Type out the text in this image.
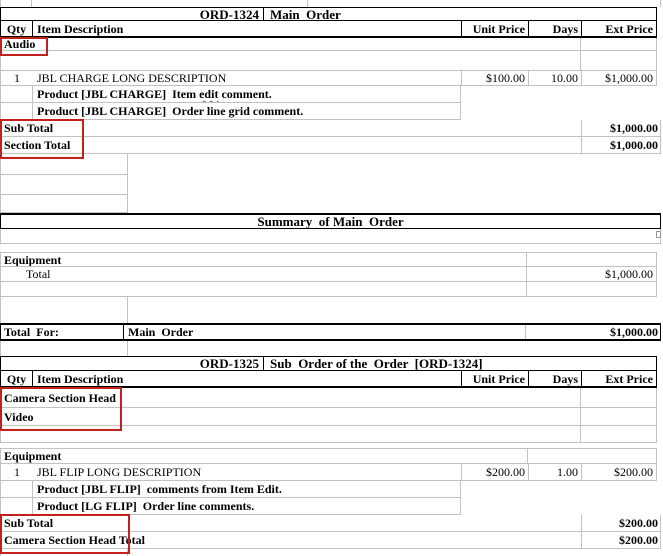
ORD-1324 Main  Order
Qty Item Description	Unit Price	Days	Ext Price
Audio
1	JBL CHARGE LONG DESCRIPTION	$100.00	10.00	$1,000.00
Product [JBL CHARGE]  Item edit comment.
Product [JBL CHARGE]  Order line grid comment.
Sub Total	$1,000.00
Section Total	$1,000.00
Summary  of Main  Order
Equipment
Total	$1,000.00
Total  For:	Main  Order	$1,000.00
ORD-1325 Sub  Order of the  Order  [ORD-1324]
Qty Item Description	Unit Price	Days	Ext Price
Camera Section Head
Video
Equipment
1	JBL FLIP LONG DESCRIPTION	$200.00	1.00	$200.00
Product [JBL FLIP]  comments from Item Edit.
Product [LG FLIP]  Order line comments.
Sub Total	$200.00
Camera Section Head Total	$200.00
